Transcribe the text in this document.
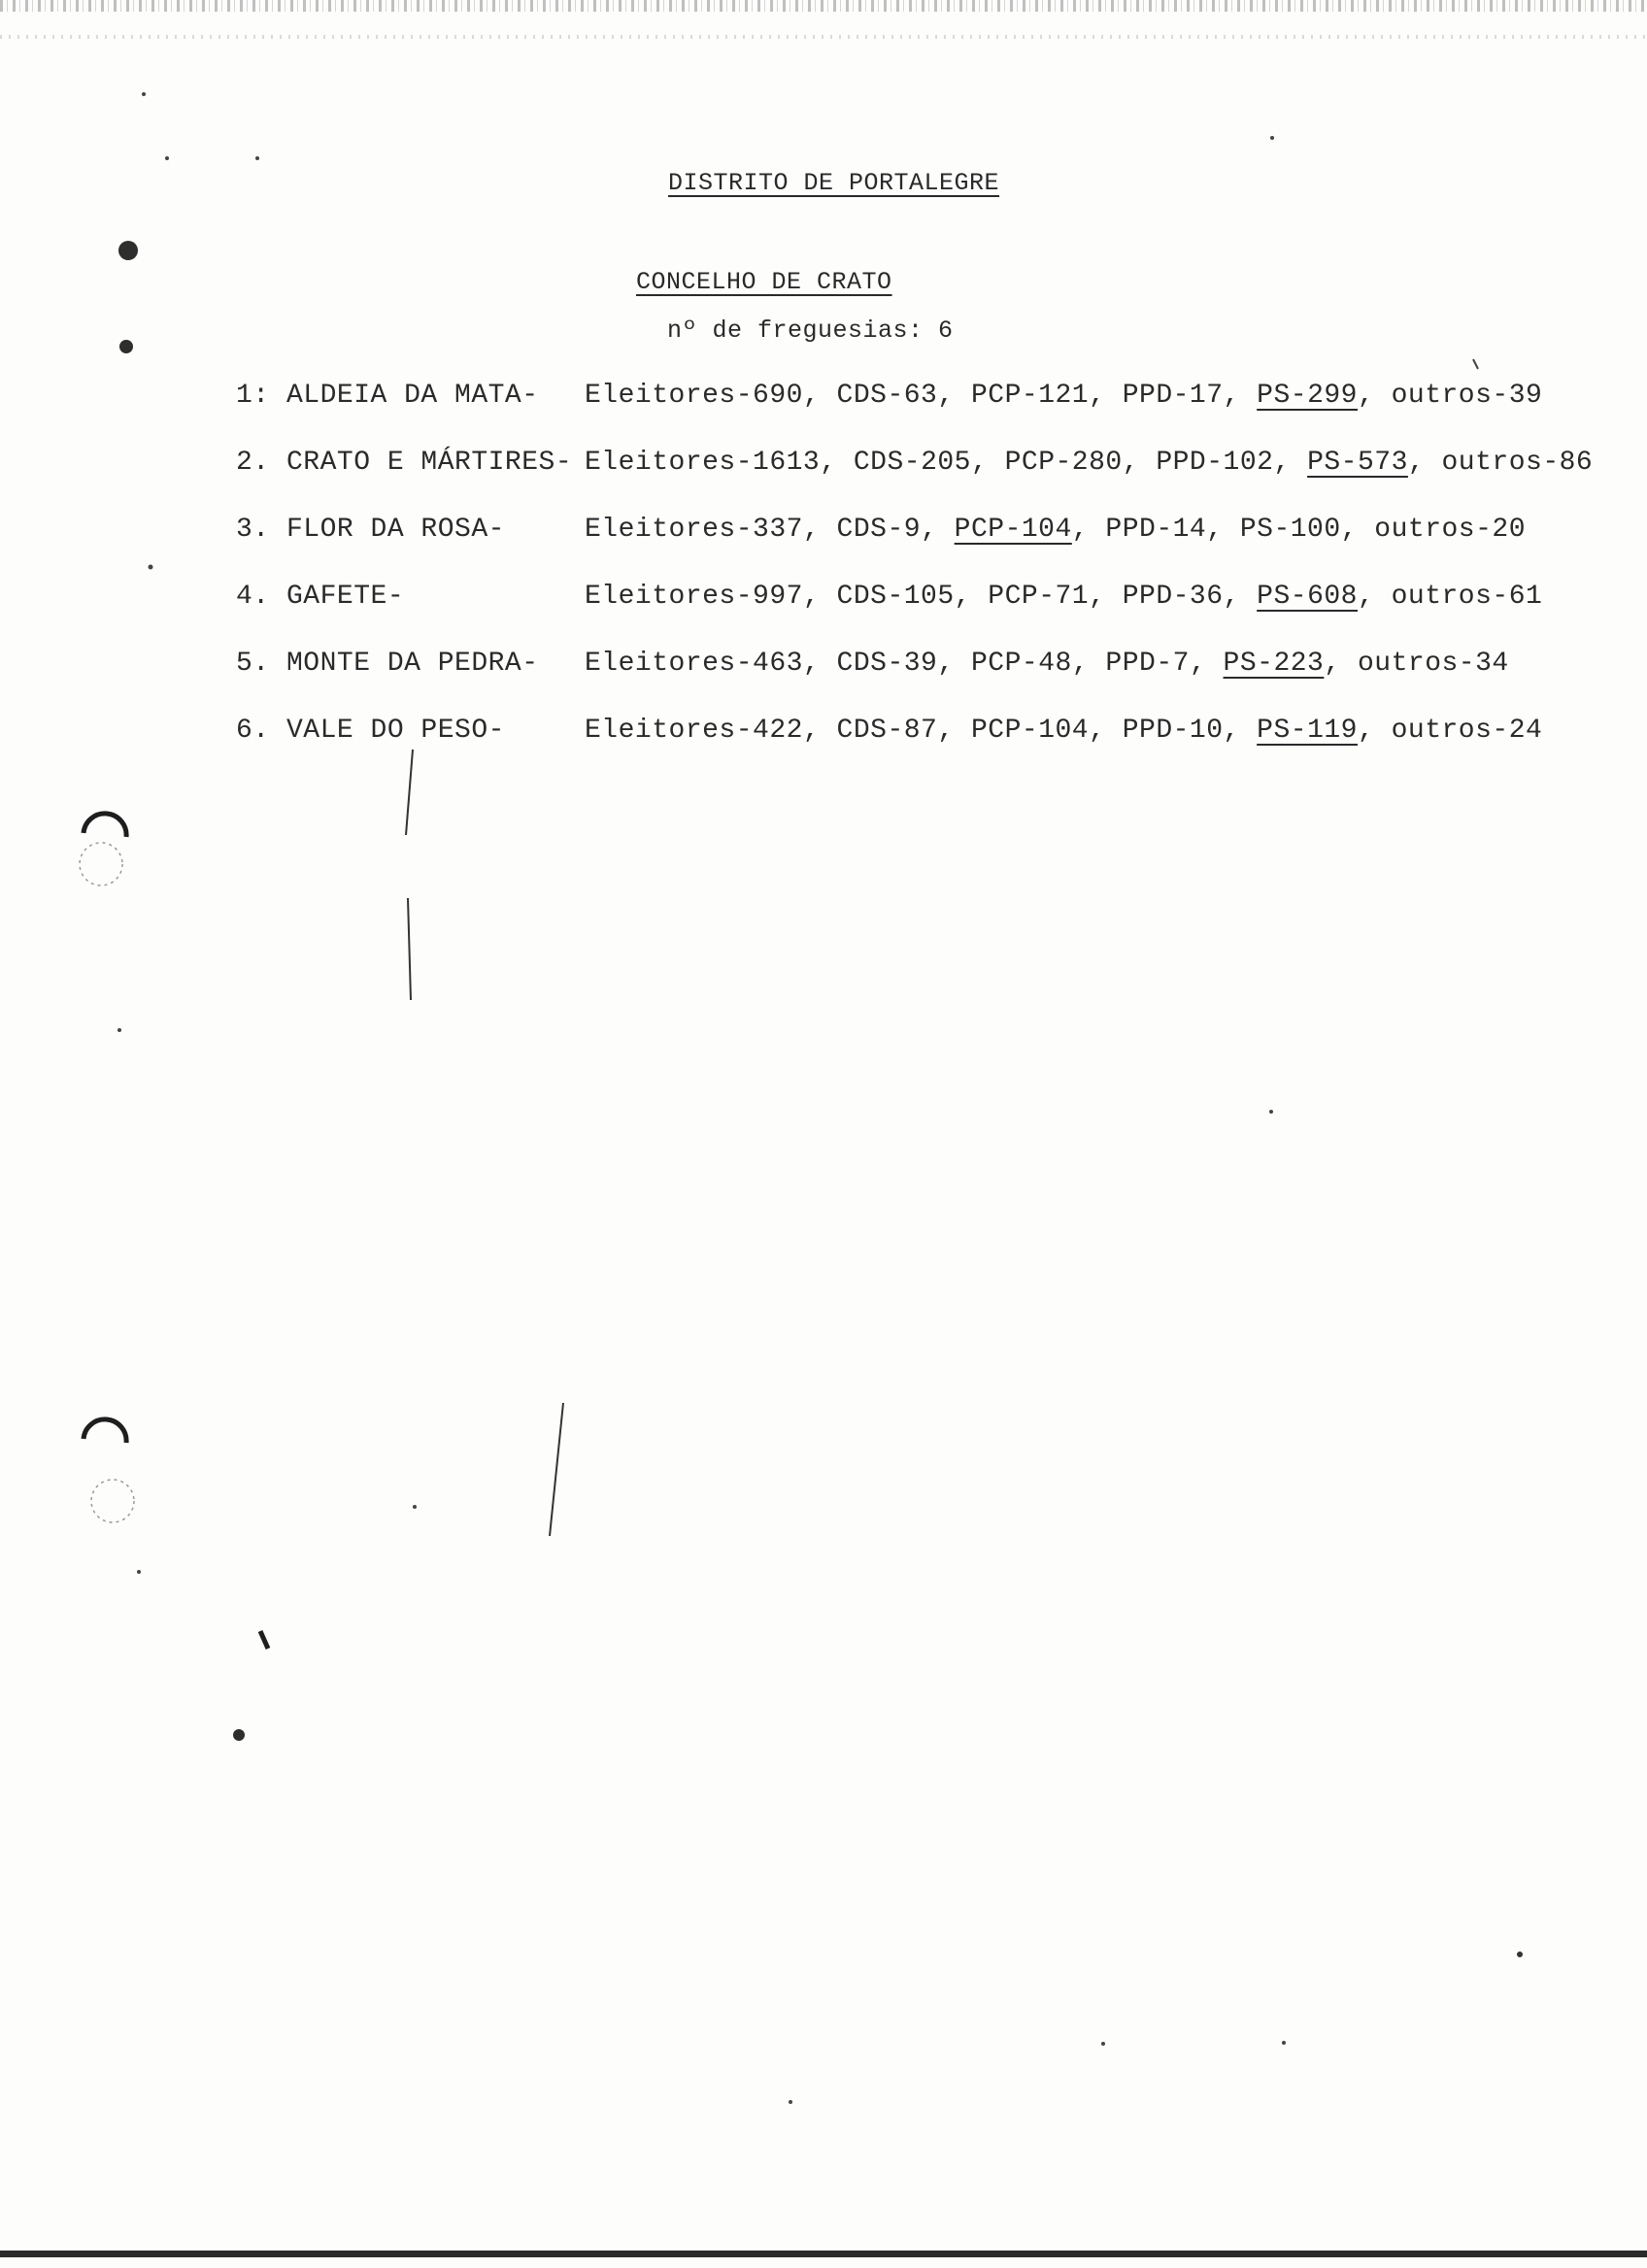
DISTRITO DE PORTALEGRE
CONCELHO DE CRATO
nº de freguesias: 6
1: ALDEIA DA MATA-	Eleitores-690, CDS-63, PCP-121, PPD-17, PS-299, outros-39
2. CRATO E MÁRTIRES- Eleitores-1613, CDS-205, PCP-280, PPD-102, PS-573, outros-86
3. FLOR DA ROSA-	Eleitores-337, CDS-9, PCP-104, PPD-14, PS-100, outros-20
4. GAFETE-	Eleitores-997, CDS-105, PCP-71, PPD-36, PS-608, outros-61
5. MONTE DA PEDRA-	Eleitores-463, CDS-39, PCP-48, PPD-7, PS-223, outros-34
6. VALE DO PESO-	Eleitores-422, CDS-87, PCP-104, PPD-10, PS-119, outros-24
